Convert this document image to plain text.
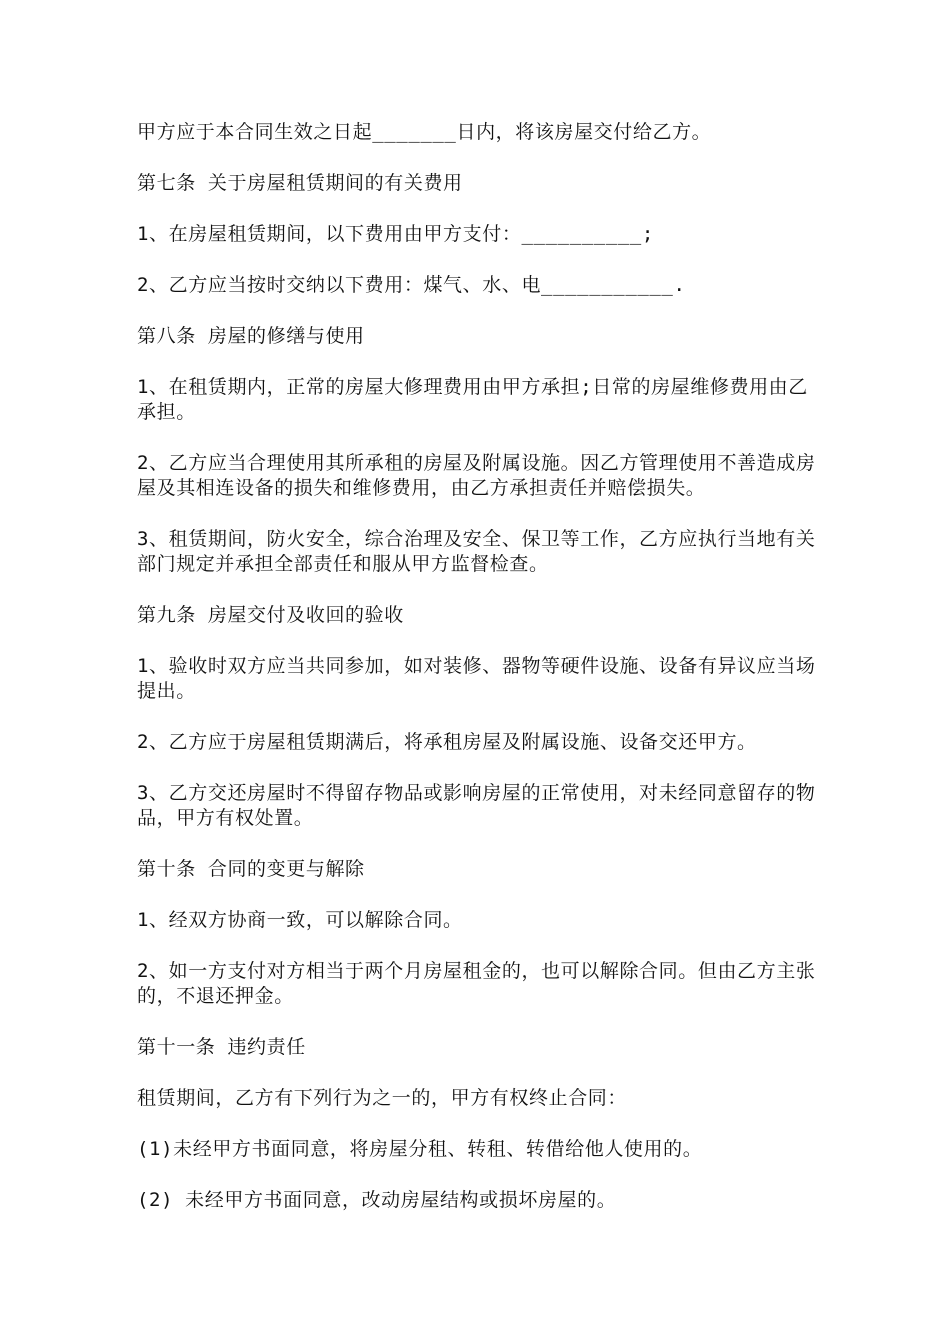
甲方应于本合同生效之日起_______日内，将该房屋交付给乙方。

第七条 关于房屋租赁期间的有关费用

1、在房屋租赁期间，以下费用由甲方支付：__________;

2、乙方应当按时交纳以下费用：煤气、水、电___________.

第八条 房屋的修缮与使用

1、在租赁期内，正常的房屋大修理费用由甲方承担;日常的房屋维修费用由乙承担。

2、乙方应当合理使用其所承租的房屋及附属设施。因乙方管理使用不善造成房屋及其相连设备的损失和维修费用，由乙方承担责任并赔偿损失。

3、租赁期间，防火安全，综合治理及安全、保卫等工作，乙方应执行当地有关部门规定并承担全部责任和服从甲方监督检查。

第九条 房屋交付及收回的验收

1、验收时双方应当共同参加，如对装修、器物等硬件设施、设备有异议应当场提出。

2、乙方应于房屋租赁期满后，将承租房屋及附属设施、设备交还甲方。

3、乙方交还房屋时不得留存物品或影响房屋的正常使用，对未经同意留存的物品，甲方有权处置。

第十条 合同的变更与解除

1、经双方协商一致，可以解除合同。

2、如一方支付对方相当于两个月房屋租金的，也可以解除合同。但由乙方主张的，不退还押金。

第十一条 违约责任

租赁期间，乙方有下列行为之一的，甲方有权终止合同：

(1)未经甲方书面同意，将房屋分租、转租、转借给他人使用的。

(2) 未经甲方书面同意，改动房屋结构或损坏房屋的。
